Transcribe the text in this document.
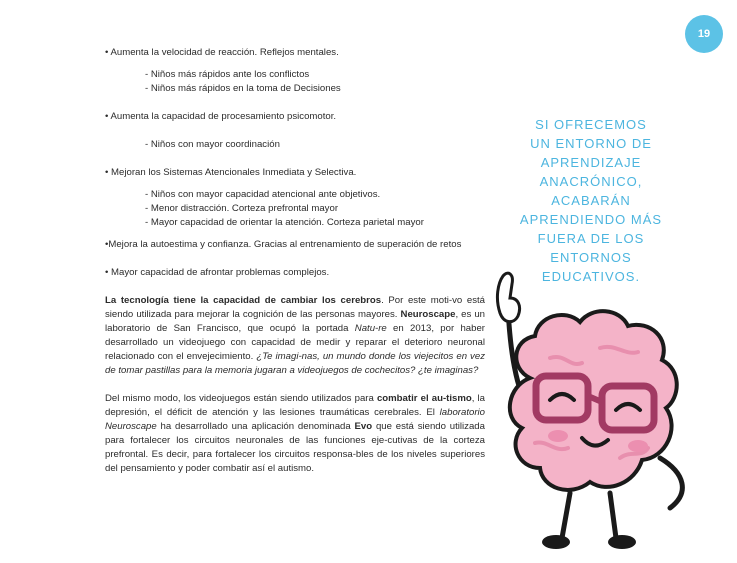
19

• Aumenta la velocidad de reacción. Reflejos mentales.

- Niños más rápidos ante los conflictos

- Niños más rápidos en la toma de Decisiones

• Aumenta la capacidad de procesamiento psicomotor.

- Niños con mayor coordinación

• Mejoran los Sistemas Atencionales Inmediata y Selectiva.

- Niños con mayor capacidad atencional ante objetivos.

- Menor distracción. Corteza prefrontal mayor

- Mayor capacidad de orientar la atención. Corteza parietal mayor

•Mejora la autoestima y confianza. Gracias al entrenamiento de superación de retos

• Mayor capacidad de afrontar problemas complejos.

La tecnología tiene la capacidad de cambiar los cerebros. Por este moti-vo está siendo utilizada para mejorar la cognición de las personas mayores. Neuroscape, es un laboratorio de San Francisco, que ocupó la portada Natu-re en 2013, por haber desarrollado un videojuego con capacidad de medir y reparar el deterioro neuronal relacionado con el envejecimiento. ¿Te imagi-nas, un mundo donde los viejecitos en vez de tomar pastillas para la memoria jugaran a videojuegos de cochecitos? ¿te imaginas?

Del mismo modo, los videojuegos están siendo utilizados para combatir el au-tismo, la depresión, el déficit de atención y las lesiones traumáticas cerebrales. El laboratorio Neuroscape ha desarrollado una aplicación denominada Evo que está siendo utilizada para fortalecer los circuitos neuronales de las funciones eje-cutivas de la corteza prefrontal. Es decir, para fortalecer los circuitos responsa-bles de los niveles superiores del pensamiento y poder combatir así el autismo.

SI OFRECEMOS
UN ENTORNO DE
APRENDIZAJE
ANACRÓNICO, ACABARÁN
APRENDIENDO MÁS
FUERA DE LOS
ENTORNOS EDUCATIVOS.
